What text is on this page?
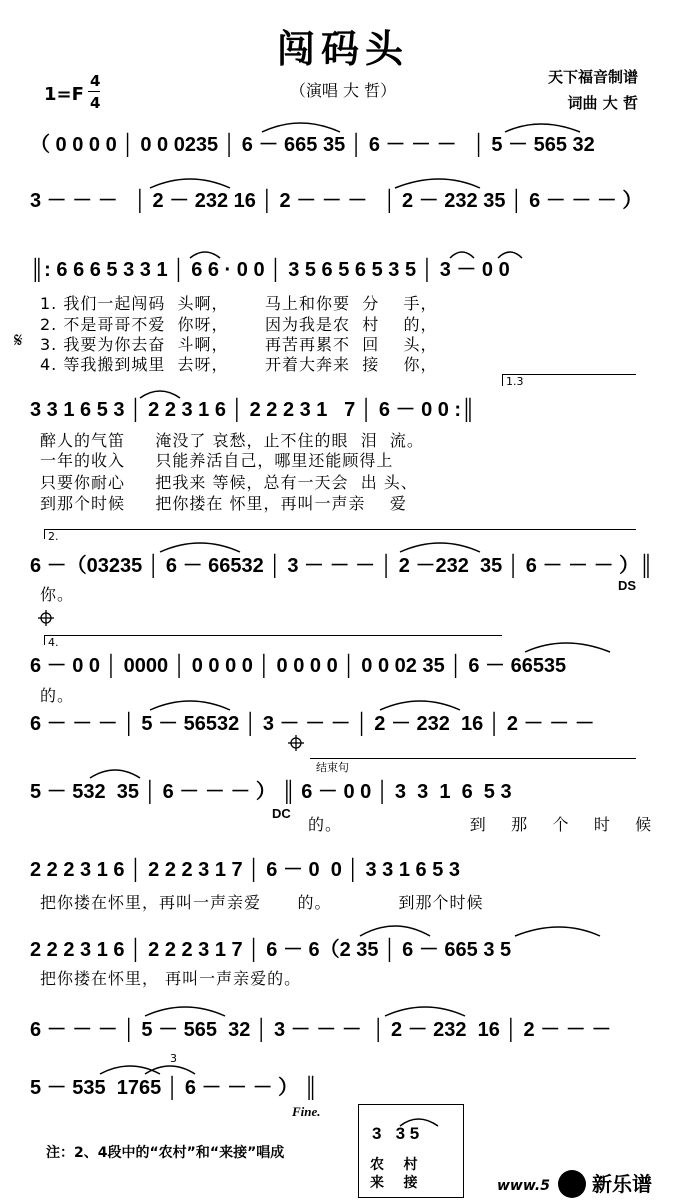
闯码头
（演唱 大 哲）
天下福音制谱
词曲 大 哲
1=F
4
4
（ 0 0 0 0 │ 0 0 0235 │ 6 － 665 35 │ 6 － － －   │ 5 － 565 32
3 － － －   │ 2 － 232 16 │ 2 － － －   │ 2 － 232 35 │ 6 － － － ）
║: 6 6 6 5 3 3 1 │ 6 6 · 0 0 │ 3 5 6 5 6 5 3 5 │ 3 － 0 0
1. 我们一起闯码  头啊，      马上和你要  分    手，
2. 不是哥哥不爱  你呀，      因为我是农  村    的，
3. 我要为你去奋  斗啊，      再苦再累不  回    头，
4. 等我搬到城里  去呀，      开着大奔来  接    你，
𝄋
1.3
3 3 1 6 5 3 │ 2 2 3 1 6 │ 2 2 2 3 1   7 │ 6 － 0 0 :║
醉人的气笛     淹没了 哀愁，止不住的眼  泪  流。
一年的收入     只能养活自己，哪里还能顾得上
只要你耐心     把我来 等候，总有一天会  出 头、
到那个时候     把你搂在 怀里，再叫一声亲    爱
2.
6 －（03235 │ 6 － 66532 │ 3 － － － │ 2 －232  35 │ 6 － － － ）║
你。	DS
4.
6 － 0 0 │ 0000 │ 0 0 0 0 │ 0 0 0 0 │ 0 0 02 35 │ 6 － 66535
的。
6 － － － │ 5 － 56532 │ 3 － － － │ 2 － 232  16 │ 2 － － －
结束句
5 － 532  35 │ 6 － － － ） ║ 6 － 0 0 │ 3  3  1  6  5 3
DC
的。                     到    那    个    时    候
2 2 2 3 1 6 │ 2 2 2 3 1 7 │ 6 － 0  0 │ 3 3 1 6 5 3
把你搂在怀里，再叫一声亲爱      的。           到那个时候
2 2 2 3 1 6 │ 2 2 2 3 1 7 │ 6 － 6（2 35 │ 6 － 665 3 5
把你搂在怀里， 再叫一声亲爱的。
6 － － － │ 5 － 565  32 │ 3 － － －  │ 2 － 232  16 │ 2 － － －
5 － 535  1765 │ 6 － － － ） ║
3
Fine.
注：2、4段中的“农村”和“来接”唱成
3   3 5
农    村
来    接	www.5 新乐谱
